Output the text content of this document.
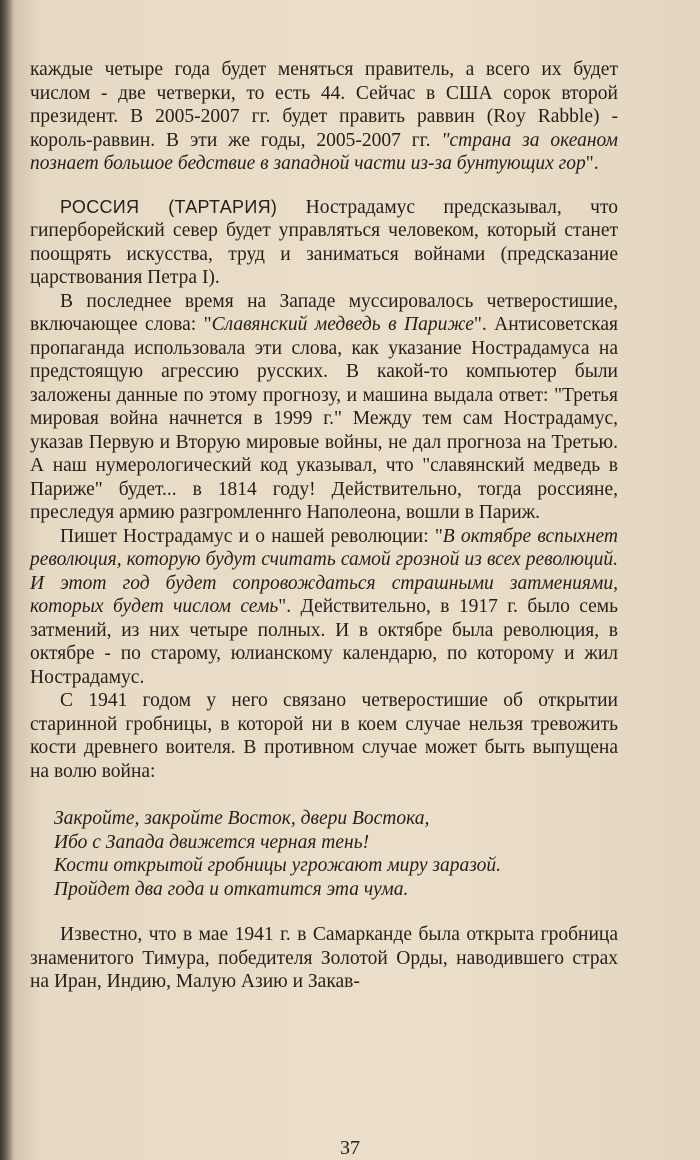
каждые четыре года будет меняться правитель, а всего их будет числом - две четверки, то есть 44. Сейчас в США сорок второй президент. В 2005-2007 гг. будет править раввин (Roy Rabble) - король-раввин. В эти же годы, 2005-2007 гг. "страна за океаном познает большое бедствие в западной части из-за бунтующих гор".

РОССИЯ (ТАРТАРИЯ) Нострадамус предсказывал, что гиперборейский север будет управляться человеком, который станет поощрять искусства, труд и заниматься войнами (предсказание царствования Петра I).

В последнее время на Западе муссировалось четверостишие, включающее слова: "Славянский медведь в Париже". Антисоветская пропаганда использовала эти слова, как указание Нострадамуса на предстоящую агрессию русских. В какой-то компьютер были заложены данные по этому прогнозу, и машина выдала ответ: "Третья мировая война начнется в 1999 г." Между тем сам Нострадамус, указав Первую и Вторую мировые войны, не дал прогноза на Третью. А наш нумерологический код указывал, что "славянский медведь в Париже" будет... в 1814 году! Действительно, тогда россияне, преследуя армию разгромленнго Наполеона, вошли в Париж.

Пишет Нострадамус и о нашей революции: "В октябре вспыхнет революция, которую будут считать самой грозной из всех революций. И этот год будет сопровождаться страшными затмениями, которых будет числом семь". Действительно, в 1917 г. было семь затмений, из них четыре полных. И в октябре была революция, в октябре - по старому, юлианскому календарю, по которому и жил Нострадамус.

С 1941 годом у него связано четверостишие об открытии старинной гробницы, в которой ни в коем случае нельзя тревожить кости древнего воителя. В противном случае может быть выпущена на волю война:

Закройте, закройте Восток, двери Востока,
Ибо с Запада движется черная тень!
Кости открытой гробницы угрожают миру заразой.
Пройдет два года и откатится эта чума.

Известно, что в мае 1941 г. в Самарканде была открыта гробница знаменитого Тимура, победителя Золотой Орды, наводившего страх на Иран, Индию, Малую Азию и Закав-

37
